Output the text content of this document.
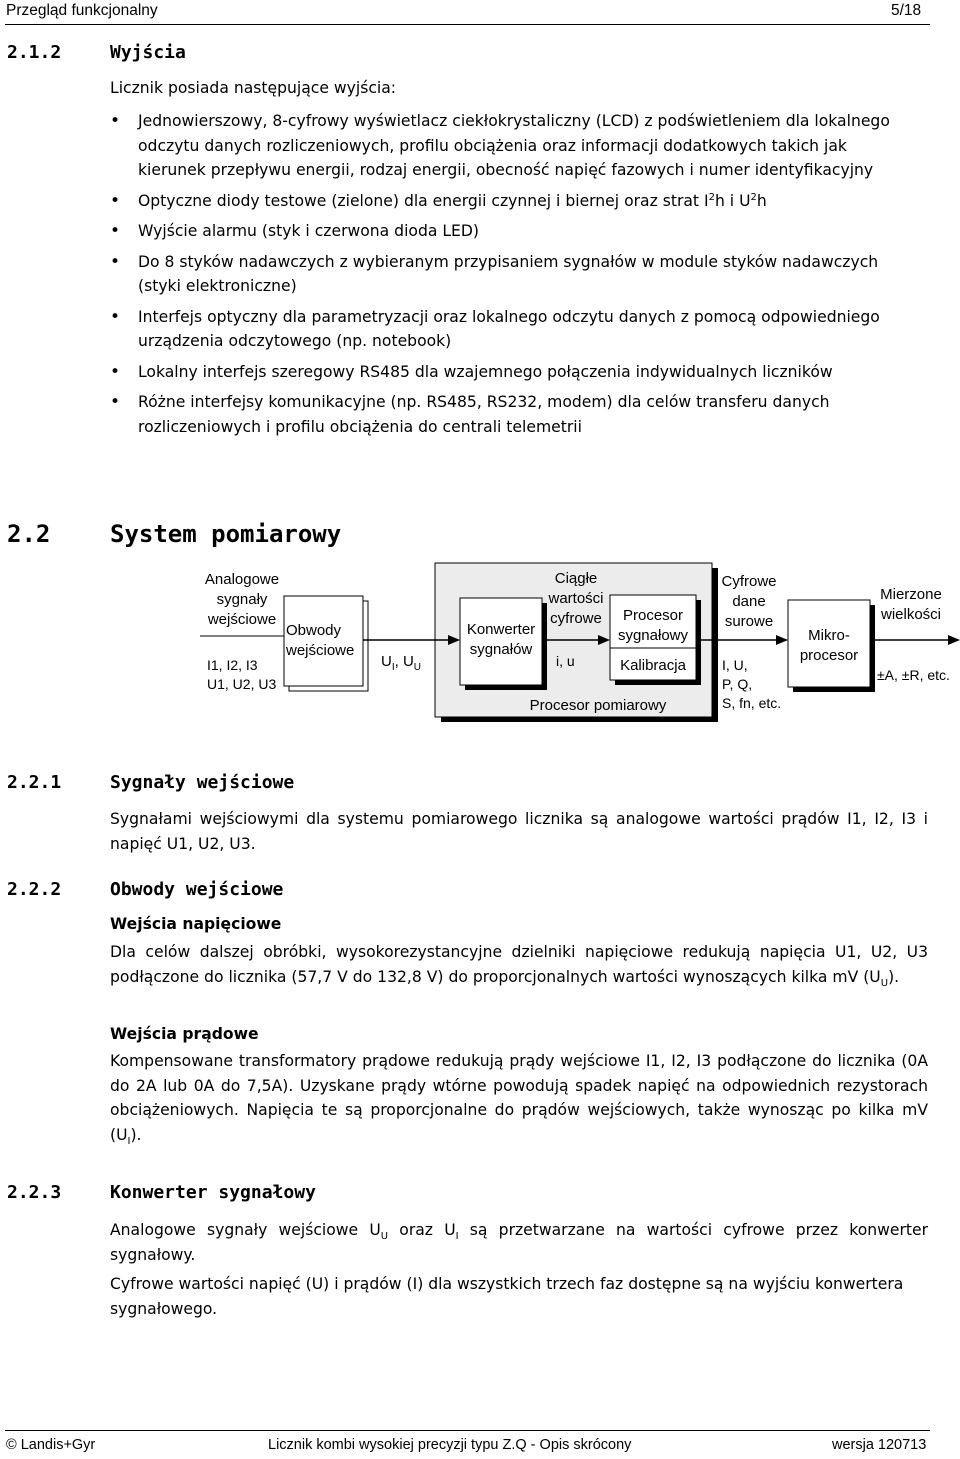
Przegląd funkcjonalny	5/18
2.1.2	Wyjścia
Licznik posiada następujące wyjścia:
• Jednowierszowy, 8-cyfrowy wyświetlacz ciekłokrystaliczny (LCD) z podświetleniem dla lokalnego odczytu danych rozliczeniowych, profilu obciążenia oraz informacji dodatkowych takich jak kierunek przepływu energii, rodzaj energii, obecność napięć fazowych i numer identyfikacyjny
• Optyczne diody testowe (zielone) dla energii czynnej i biernej oraz strat $I^2h$ i $U^2h$
• Wyjście alarmu (styk i czerwona dioda LED)
• Do 8 styków nadawczych z wybieranym przypisaniem sygnałów w module styków nadawczych (styki elektroniczne)
• Interfejs optyczny dla parametryzacji oraz lokalnego odczytu danych z pomocą odpowiedniego urządzenia odczytowego (np. notebook)
• Lokalny interfejs szeregowy RS485 dla wzajemnego połączenia indywidualnych liczników
• Różne interfejsy komunikacyjne (np. RS485, RS232, modem) dla celów transferu danych rozliczeniowych i profilu obciążenia do centrali telemetrii
2.2 System pomiarowy
Analogowe
sygnały
wejściowe
I1, I2, I3
U1, U2, U3
Obwody
wejściowe
$U_I$, $U_U$
Konwerter
sygnałów
Ciągłe
wartości
cyfrowe
i, u
Procesor
sygnałowy
Kalibracja
Procesor pomiarowy
Cyfrowe
dane
surowe
I, U,
P, Q,
S, fn, etc.
Mikro-
procesor
Mierzone
wielkości
±A, ±R, etc.
2.2.1	Sygnały wejściowe
Sygnałami wejściowymi dla systemu pomiarowego licznika są analogowe wartości prądów I1, I2, I3 i napięć U1, U2, U3.
2.2.2	Obwody wejściowe
Wejścia napięciowe
Dla celów dalszej obróbki, wysokorezystancyjne dzielniki napięciowe redukują napięcia U1, U2, U3 podłączone do licznika (57,7 V do 132,8 V) do proporcjonalnych wartości wynoszących kilka mV $(U_U)$.
Wejścia prądowe
Kompensowane transformatory prądowe redukują prądy wejściowe I1, I2, I3 podłączone do licznika (0A do 2A lub 0A do 7,5A). Uzyskane prądy wtórne powodują spadek napięć na odpowiednich rezystorach obciążeniowych. Napięcia te są proporcjonalne do prądów wejściowych, także wynosząc po kilka mV $(U_I)$.
2.2.3	Konwerter sygnałowy
Analogowe sygnały wejściowe $U_U$ oraz $U_I$ są przetwarzane na wartości cyfrowe przez konwerter sygnałowy.
Cyfrowe wartości napięć (U) i prądów (I) dla wszystkich trzech faz dostępne są na wyjściu konwertera sygnałowego.
© Landis+Gyr	Licznik kombi wysokiej precyzji typu Z.Q - Opis skrócony	wersja 120713
